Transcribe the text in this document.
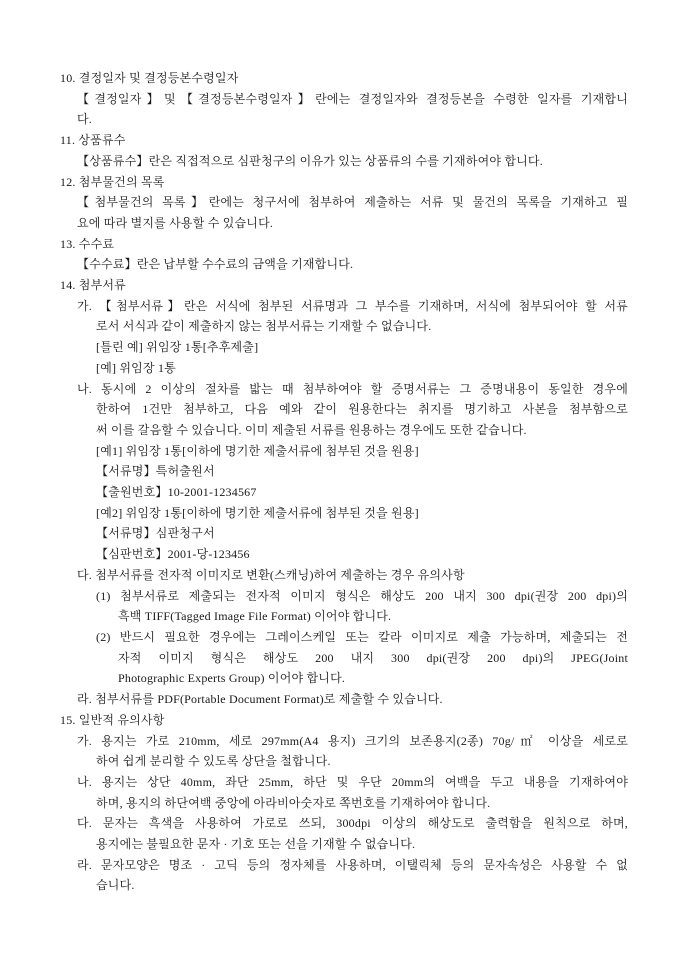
10. 결정일자 및 결정등본수령일자
【결정일자】및【결정등본수령일자】란에는 결정일자와 결정등본을 수령한 일자를 기재합니
다.
11. 상품류수
【상품류수】란은 직접적으로 심판청구의 이유가 있는 상품류의 수를 기재하여야 합니다.
12. 첨부물건의 목록
【첨부물건의 목록】란에는 청구서에 첨부하여 제출하는 서류 및 물건의 목록을 기재하고 필
요에 따라 별지를 사용할 수 있습니다.
13. 수수료
【수수료】란은 납부할 수수료의 금액을 기재합니다.
14. 첨부서류
가. 【첨부서류】란은 서식에 첨부된 서류명과 그 부수를 기재하며, 서식에 첨부되어야 할 서류
로서 서식과 같이 제출하지 않는 첨부서류는 기재할 수 없습니다.
[틀린 예] 위임장 1통[추후제출]
[예] 위임장 1통
나. 동시에 2 이상의 절차를 밟는 때 첨부하여야 할 증명서류는 그 증명내용이 동일한 경우에
한하여 1건만 첨부하고, 다음 예와 같이 원용한다는 취지를 명기하고 사본을 첨부함으로
써 이를 갈음할 수 있습니다. 이미 제출된 서류를 원용하는 경우에도 또한 같습니다.
[예1] 위임장 1통[이하에 명기한 제출서류에 첨부된 것을 원용]
【서류명】특허출원서
【출원번호】10-2001-1234567
[예2] 위임장 1통[이하에 명기한 제출서류에 첨부된 것을 원용]
【서류명】심판청구서
【심판번호】2001-당-123456
다. 첨부서류를 전자적 이미지로 변환(스캐닝)하여 제출하는 경우 유의사항
(1) 첨부서류로 제출되는 전자적 이미지 형식은 해상도 200 내지 300 dpi(권장 200 dpi)의
흑백 TIFF(Tagged Image File Format) 이어야 합니다.
(2) 반드시 필요한 경우에는 그레이스케일 또는 칼라 이미지로 제출 가능하며, 제출되는 전
자적 이미지 형식은 해상도 200 내지 300 dpi(권장 200 dpi)의 JPEG(Joint
Photographic Experts Group) 이어야 합니다.
라. 첨부서류를 PDF(Portable Document Format)로 제출할 수 있습니다.
15. 일반적 유의사항
가. 용지는 가로 210mm, 세로 297mm(A4 용지) 크기의 보존용지(2종) 70g/㎡ 이상을 세로로
하여 쉽게 분리할 수 있도록 상단을 철합니다.
나. 용지는 상단 40mm, 좌단 25mm, 하단 및 우단 20mm의 여백을 두고 내용을 기재하여야
하며, 용지의 하단여백 중앙에 아라비아숫자로 쪽번호를 기재하여야 합니다.
다. 문자는 흑색을 사용하여 가로로 쓰되, 300dpi 이상의 해상도로 출력함을 원칙으로 하며,
용지에는 불필요한 문자 · 기호 또는 선을 기재할 수 없습니다.
라. 문자모양은 명조 · 고딕 등의 정자체를 사용하며, 이탤릭체 등의 문자속성은 사용할 수 없
습니다.
